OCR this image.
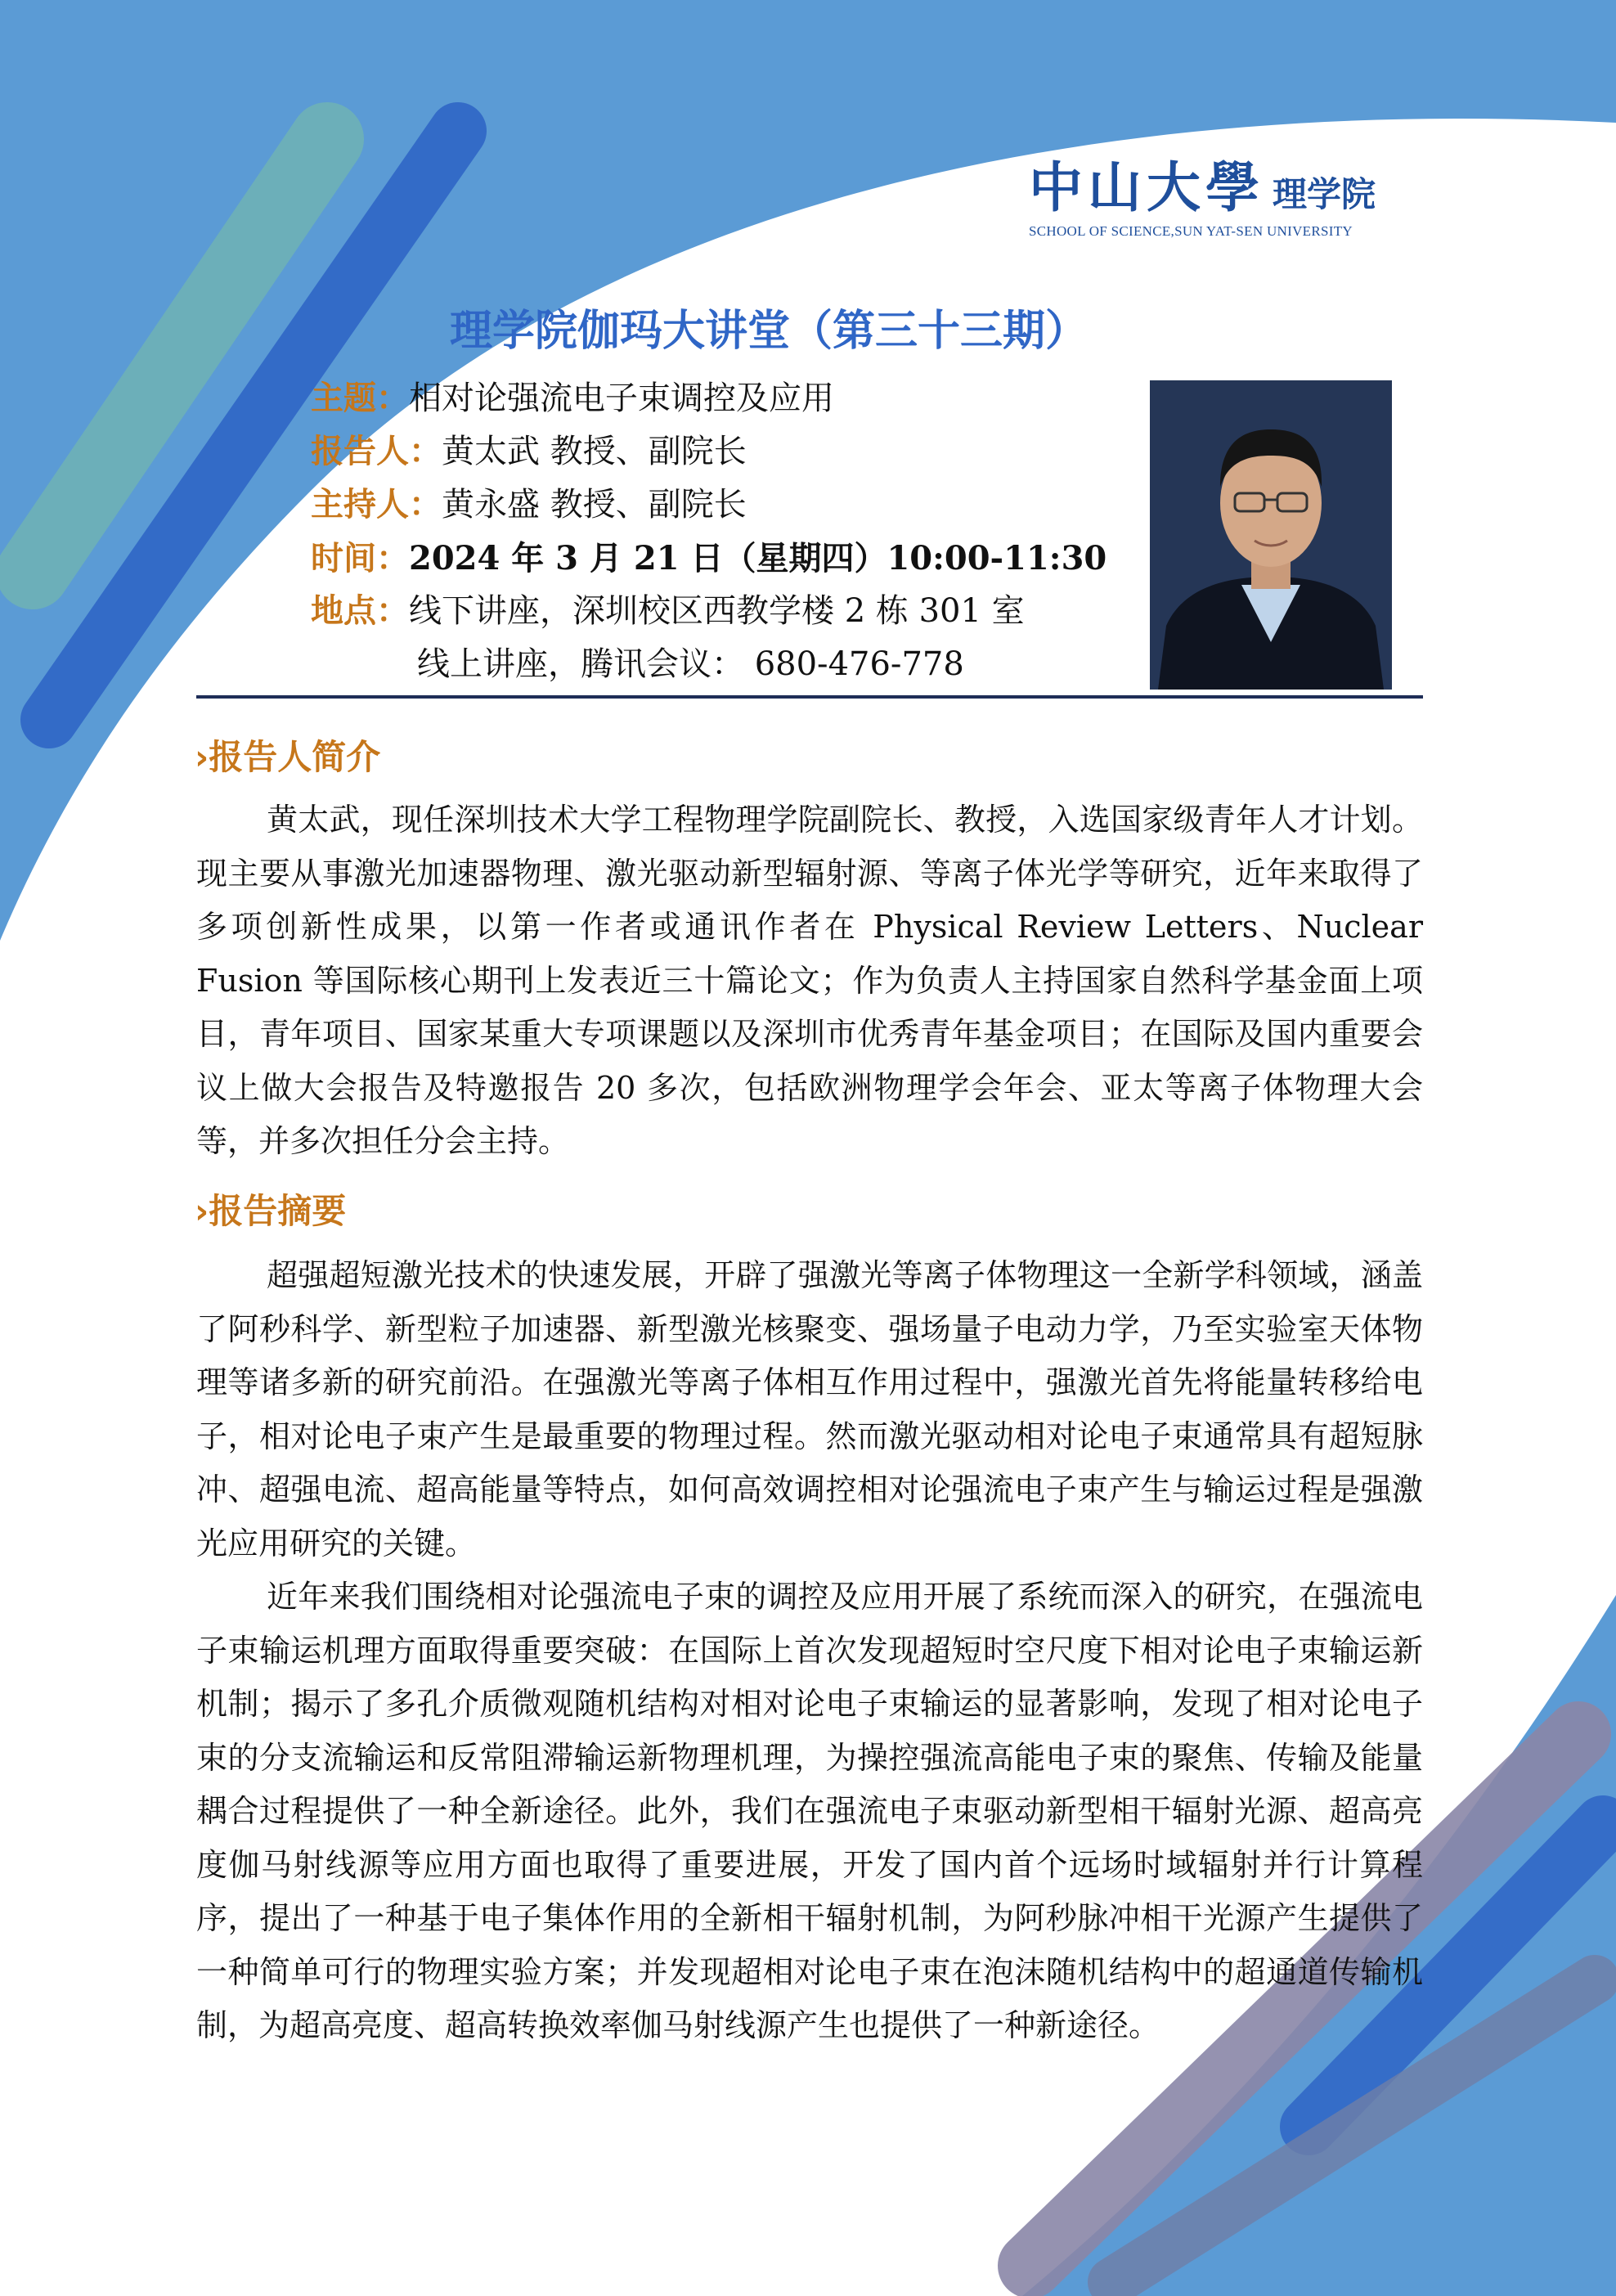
中山大學 理学院
SCHOOL OF SCIENCE,SUN YAT-SEN UNIVERSITY
理学院伽玛大讲堂（第三十三期）
主题：相对论强流电子束调控及应用
报告人：黄太武 教授、副院长
主持人：黄永盛 教授、副院长
时间：2024 年 3 月 21 日（星期四）10:00-11:30
地点：线下讲座，深圳校区西教学楼 2 栋 301 室
线上讲座，腾讯会议： 680-476-778
›报告人简介
黄太武，现任深圳技术大学工程物理学院副院长、教授，入选国家级青年人才计划。现主要从事激光加速器物理、激光驱动新型辐射源、等离子体光学等研究，近年来取得了多项创新性成果，以第一作者或通讯作者在 Physical Review Letters、Nuclear Fusion 等国际核心期刊上发表近三十篇论文；作为负责人主持国家自然科学基金面上项目，青年项目、国家某重大专项课题以及深圳市优秀青年基金项目；在国际及国内重要会议上做大会报告及特邀报告 20 多次，包括欧洲物理学会年会、亚太等离子体物理大会等，并多次担任分会主持。
›报告摘要
超强超短激光技术的快速发展，开辟了强激光等离子体物理这一全新学科领域，涵盖了阿秒科学、新型粒子加速器、新型激光核聚变、强场量子电动力学，乃至实验室天体物理等诸多新的研究前沿。在强激光等离子体相互作用过程中，强激光首先将能量转移给电子，相对论电子束产生是最重要的物理过程。然而激光驱动相对论电子束通常具有超短脉冲、超强电流、超高能量等特点，如何高效调控相对论强流电子束产生与输运过程是强激光应用研究的关键。
近年来我们围绕相对论强流电子束的调控及应用开展了系统而深入的研究，在强流电子束输运机理方面取得重要突破：在国际上首次发现超短时空尺度下相对论电子束输运新机制；揭示了多孔介质微观随机结构对相对论电子束输运的显著影响，发现了相对论电子束的分支流输运和反常阻滞输运新物理机理，为操控强流高能电子束的聚焦、传输及能量耦合过程提供了一种全新途径。此外，我们在强流电子束驱动新型相干辐射光源、超高亮度伽马射线源等应用方面也取得了重要进展，开发了国内首个远场时域辐射并行计算程序，提出了一种基于电子集体作用的全新相干辐射机制，为阿秒脉冲相干光源产生提供了一种简单可行的物理实验方案；并发现超相对论电子束在泡沫随机结构中的超通道传输机制，为超高亮度、超高转换效率伽马射线源产生也提供了一种新途径。
